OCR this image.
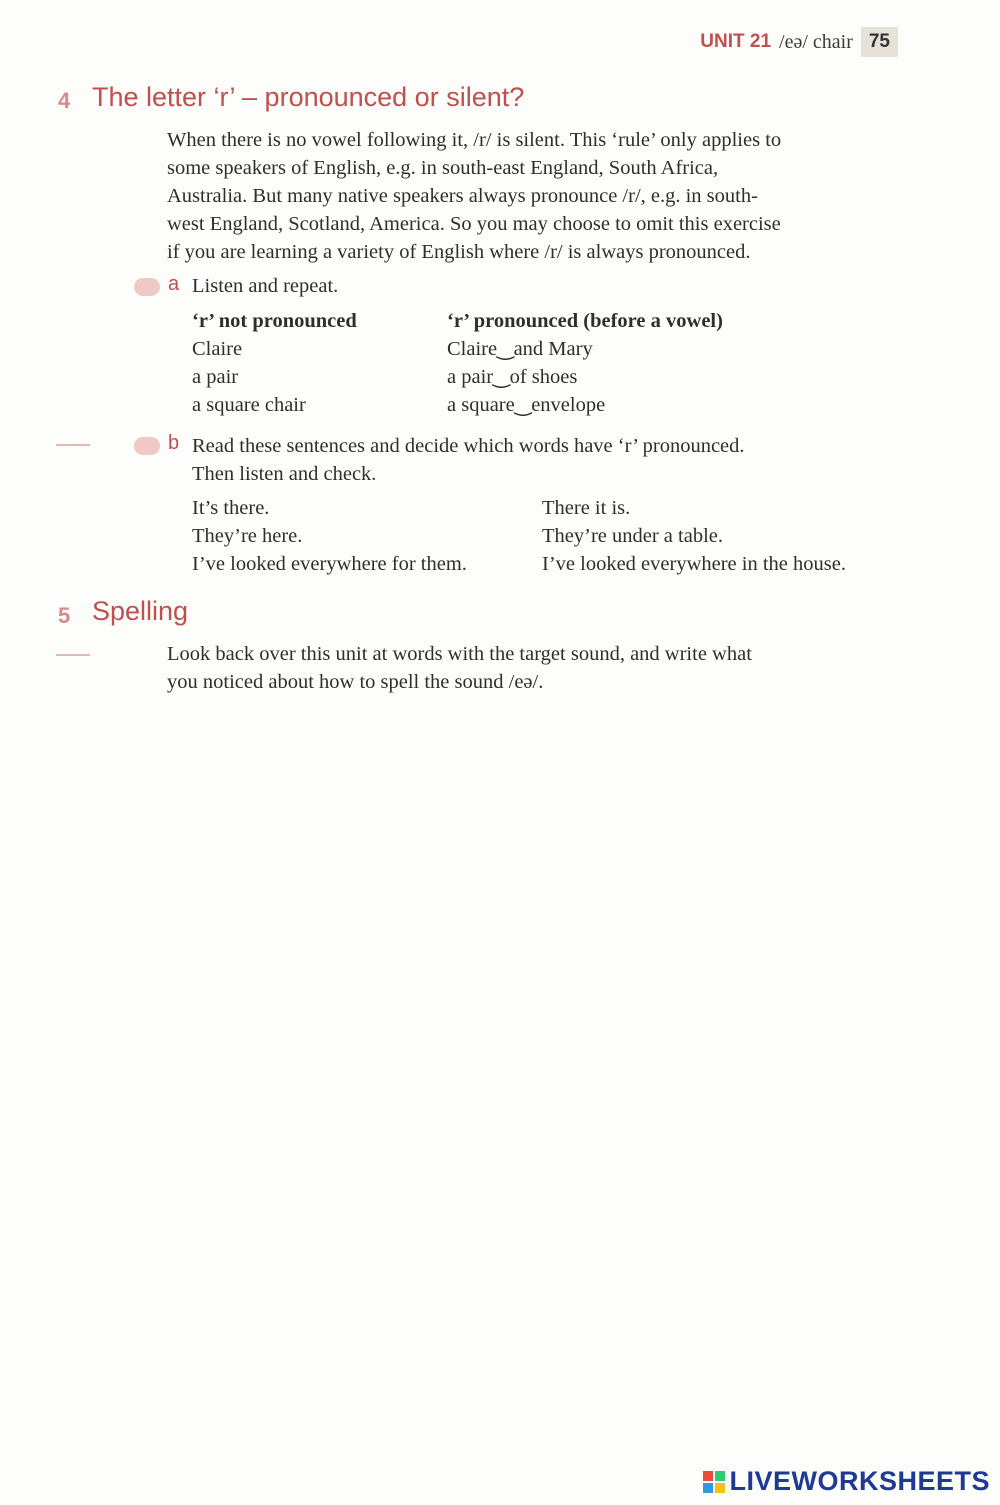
UNIT 21 /eə/ chair 75
4 The letter ‘r’ – pronounced or silent?
When there is no vowel following it, /r/ is silent. This ‘rule’ only applies to
some speakers of English, e.g. in south-east England, South Africa,
Australia. But many native speakers always pronounce /r/, e.g. in south-
west England, Scotland, America. So you may choose to omit this exercise
if you are learning a variety of English where /r/ is always pronounced.
a Listen and repeat.
‘r’ not pronounced
Claire
a pair
a square chair
‘r’ pronounced (before a vowel)
Claire‿and Mary
a pair‿of shoes
a square‿envelope
b Read these sentences and decide which words have ‘r’ pronounced.
Then listen and check.
It’s there.
They’re here.
I’ve looked everywhere for them.
There it is.
They’re under a table.
I’ve looked everywhere in the house.
5 Spelling
Look back over this unit at words with the target sound, and write what
you noticed about how to spell the sound /eə/.
LIVEWORKSHEETS
